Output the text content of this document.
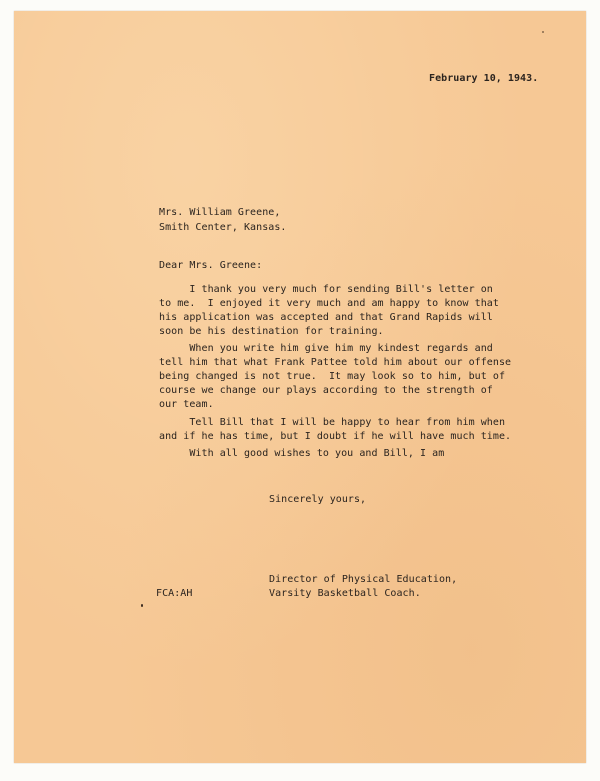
February 10, 1943.
Mrs. William Greene,
Smith Center, Kansas.
Dear Mrs. Greene:
I thank you very much for sending Bill's letter on
to me.  I enjoyed it very much and am happy to know that
his application was accepted and that Grand Rapids will
soon be his destination for training.
When you write him give him my kindest regards and
tell him that what Frank Pattee told him about our offense
being changed is not true.  It may look so to him, but of
course we change our plays according to the strength of
our team.
Tell Bill that I will be happy to hear from him when
and if he has time, but I doubt if he will have much time.
With all good wishes to you and Bill, I am
Sincerely yours,
Director of Physical Education,
Varsity Basketball Coach.
FCA:AH
